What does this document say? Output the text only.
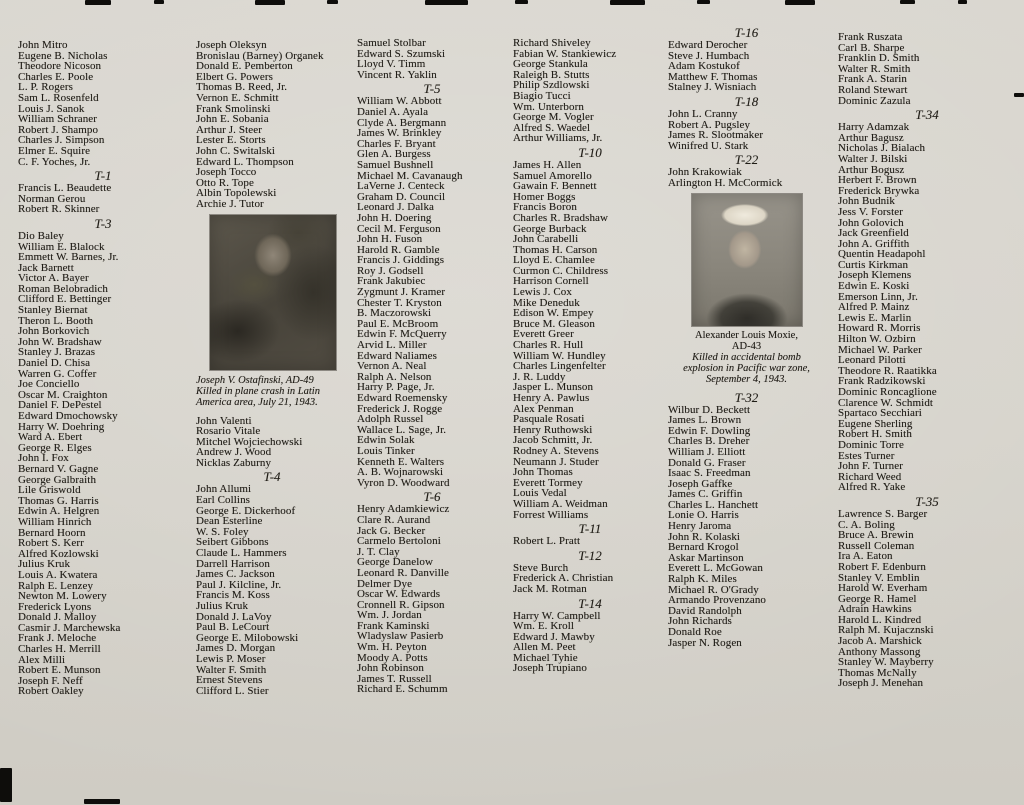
John Mitro
Eugene B. Nicholas
Theodore Nicoson
Charles E. Poole
L. P. Rogers
Sam L. Rosenfeld
Louis J. Sanok
William Schraner
Robert J. Shampo
Charles J. Simpson
Elmer E. Squire
C. F. Yoches, Jr.
T-1
Francis L. Beaudette
Norman Gerou
Robert R. Skinner
T-3
Dio Baley
William E. Blalock
Emmett W. Barnes, Jr.
Jack Barnett
Victor A. Bayer
Roman Belobradich
Clifford E. Bettinger
Stanley Biernat
Theron L. Booth
John Borkovich
John W. Bradshaw
Stanley J. Brazas
Daniel D. Chisa
Warren G. Coffer
Joe Conciello
Oscar M. Craighton
Daniel F. DePestel
Edward Dmochowsky
Harry W. Doehring
Ward A. Ebert
George R. Elges
John I. Fox
Bernard V. Gagne
George Galbraith
Lile Griswold
Thomas G. Harris
Edwin A. Helgren
William Hinrich
Bernard Hoorn
Robert S. Kerr
Alfred Kozlowski
Julius Kruk
Louis A. Kwatera
Ralph E. Lenzey
Newton M. Lowery
Frederick Lyons
Donald J. Malloy
Casmir J. Marchewska
Frank J. Meloche
Charles H. Merrill
Alex Milli
Robert E. Munson
Joseph F. Neff
Robert Oakley
Joseph Oleksyn
Bronislau (Barney) Organek
Donald E. Pemberton
Elbert G. Powers
Thomas B. Reed, Jr.
Vernon E. Schmitt
Frank Smolinski
John E. Sobania
Arthur J. Steer
Lester E. Storts
John C. Switalski
Edward L. Thompson
Joseph Tocco
Otto R. Tope
Albin Topolewski
Archie J. Tutor
Joseph V. Ostafinski, AD-49
Killed in plane crash in Latin America area, July 21, 1943.
John Valenti
Rosario Vitale
Mitchel Wojciechowski
Andrew J. Wood
Nicklas Zaburny
T-4
John Allumi
Earl Collins
George E. Dickerhoof
Dean Esterline
W. S. Foley
Seibert Gibbons
Claude L. Hammers
Darrell Harrison
James C. Jackson
Paul J. Kilcline, Jr.
Francis M. Koss
Julius Kruk
Donald J. LaVoy
Paul B. LeCourt
George E. Milobowski
James D. Morgan
Lewis P. Moser
Walter F. Smith
Ernest Stevens
Clifford L. Stier
Samuel Stolbar
Edward S. Szumski
Lloyd V. Timm
Vincent R. Yaklin
T-5
William W. Abbott
Daniel A. Ayala
Clyde A. Bergmann
James W. Brinkley
Charles F. Bryant
Glen A. Burgess
Samuel Bushnell
Michael M. Cavanaugh
LaVerne J. Centeck
Graham D. Council
Leonard J. Dalka
John H. Doering
Cecil M. Ferguson
John H. Fuson
Harold R. Gamble
Francis J. Giddings
Roy J. Godsell
Frank Jakubiec
Zygmunt J. Kramer
Chester T. Kryston
B. Maczorowski
Paul E. McBroom
Edwin F. McQuerry
Arvid L. Miller
Edward Naliames
Vernon A. Neal
Ralph A. Nelson
Harry P. Page, Jr.
Edward Roemensky
Frederick J. Rogge
Adolph Russel
Wallace L. Sage, Jr.
Edwin Solak
Louis Tinker
Kenneth E. Walters
A. B. Wojnarowski
Vyron D. Woodward
T-6
Henry Adamkiewicz
Clare R. Aurand
Jack G. Becker
Carmelo Bertoloni
J. T. Clay
George Danelow
Leonard R. Danville
Delmer Dye
Oscar W. Edwards
Cronnell R. Gipson
Wm. J. Jordan
Frank Kaminski
Wladyslaw Pasierb
Wm. H. Peyton
Moody A. Potts
John Robinson
James T. Russell
Richard E. Schumm
Richard Shiveley
Fabian W. Stankiewicz
George Stankula
Raleigh B. Stutts
Philip Szdlowski
Biagio Tucci
Wm. Unterborn
George M. Vogler
Alfred S. Waedel
Arthur Williams, Jr.
T-10
James H. Allen
Samuel Amorello
Gawain F. Bennett
Homer Boggs
Francis Boron
Charles R. Bradshaw
George Burback
John Carabelli
Thomas H. Carson
Lloyd E. Chamlee
Curmon C. Childress
Harrison Cornell
Lewis J. Cox
Mike Deneduk
Edison W. Empey
Bruce M. Gleason
Everett Greer
Charles R. Hull
William W. Hundley
Charles Lingenfelter
J. R. Luddy
Jasper L. Munson
Henry A. Pawlus
Alex Penman
Pasquale Rosati
Henry Ruthowski
Jacob Schmitt, Jr.
Rodney A. Stevens
Neumann J. Studer
John Thomas
Everett Tormey
Louis Vedal
William A. Weidman
Forrest Williams
T-11
Robert L. Pratt
T-12
Steve Burch
Frederick A. Christian
Jack M. Rotman
T-14
Harry W. Campbell
Wm. E. Kroll
Edward J. Mawby
Allen M. Peet
Michael Tyhie
Joseph Trupiano
T-16
Edward Derocher
Steve J. Humbach
Adam Kostukof
Matthew F. Thomas
Stalney J. Wisniach
T-18
John L. Cranny
Robert A. Pugsley
James R. Slootmaker
Winifred U. Stark
T-22
John Krakowiak
Arlington H. McCormick
Alexander Louis Moxie,
AD-43
Killed in accidental bomb explosion in Pacific war zone, September 4, 1943.
T-32
Wilbur D. Beckett
James L. Brown
Edwin F. Dowling
Charles B. Dreher
William J. Elliott
Donald G. Fraser
Isaac S. Freedman
Joseph Gaffke
James C. Griffin
Charles L. Hanchett
Lonie O. Harris
Henry Jaroma
John R. Kolaski
Bernard Krogol
Askar Martinson
Everett L. McGowan
Ralph K. Miles
Michael R. O'Grady
Armando Provenzano
David Randolph
John Richards
Donald Roe
Jasper N. Rogen
Frank Ruszata
Carl B. Sharpe
Franklin D. Smith
Walter R. Smith
Frank A. Starin
Roland Stewart
Dominic Zazula
T-34
Harry Adamzak
Arthur Bagusz
Nicholas J. Bialach
Walter J. Bilski
Arthur Bogusz
Herbert F. Brown
Frederick Brywka
John Budnik
Jess V. Forster
John Golovich
Jack Greenfield
John A. Griffith
Quentin Headapohl
Curtis Kirkman
Joseph Klemens
Edwin E. Koski
Emerson Linn, Jr.
Alfred P. Mainz
Lewis E. Marlin
Howard R. Morris
Hilton W. Ozbirn
Michael W. Parker
Leonard Pilotti
Theodore R. Raatikka
Frank Radzikowski
Dominic Roncaglione
Clarence W. Schmidt
Spartaco Secchiari
Eugene Sherling
Robert H. Smith
Dominic Torre
Estes Turner
John F. Turner
Richard Weed
Alfred R. Yake
T-35
Lawrence S. Barger
C. A. Boling
Bruce A. Brewin
Russell Coleman
Ira A. Eaton
Robert F. Edenburn
Stanley V. Emblin
Harold W. Everham
George R. Hamel
Adrain Hawkins
Harold L. Kindred
Ralph M. Kujacznski
Jacob A. Marshick
Anthony Massong
Stanley W. Mayberry
Thomas McNally
Joseph J. Menehan
